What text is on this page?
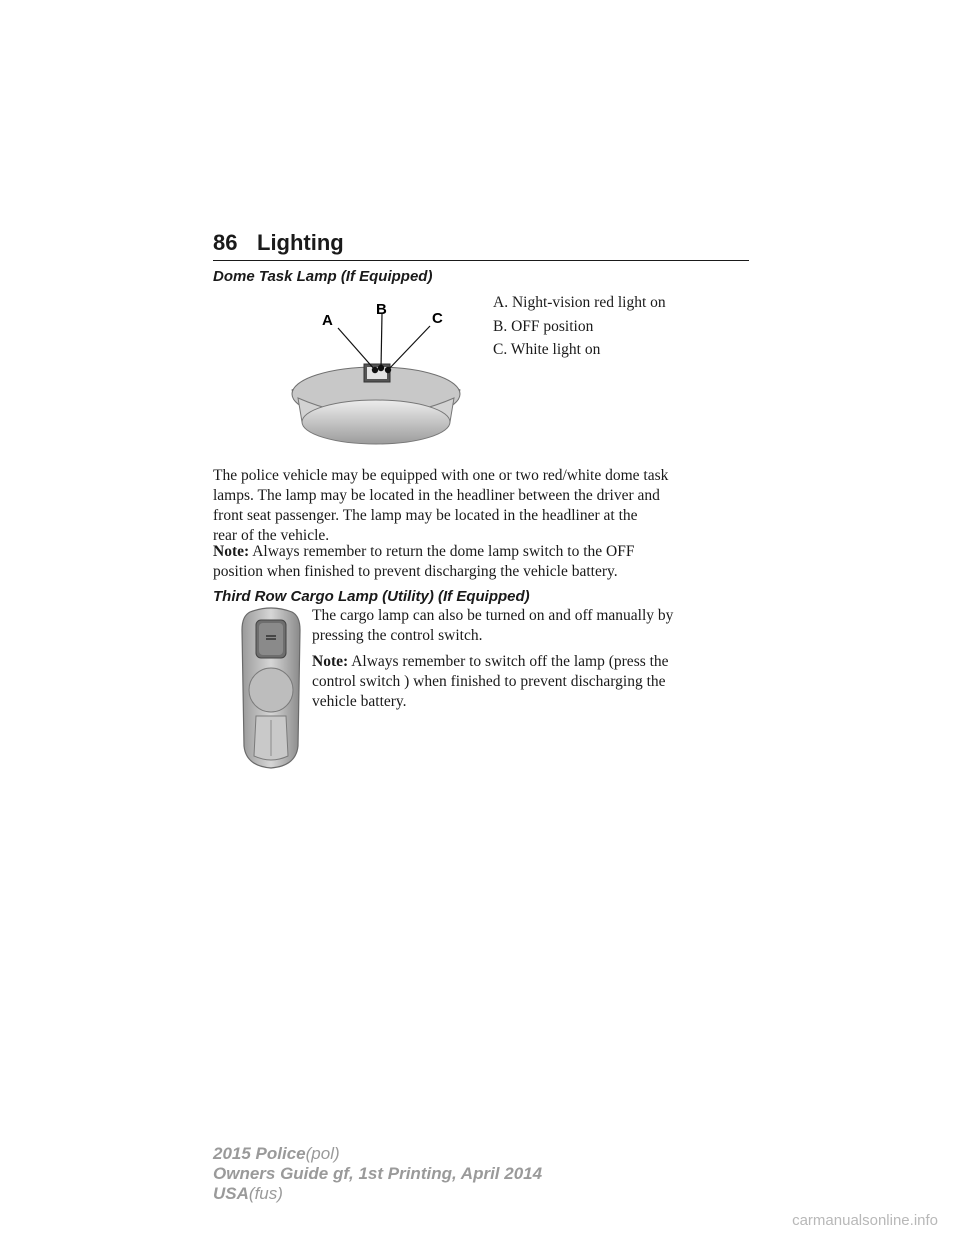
86 Lighting
Dome Task Lamp (If Equipped)
A
B
C
A. Night-vision red light on
B. OFF position
C. White light on
The police vehicle may be equipped with one or two red/white dome task
lamps. The lamp may be located in the headliner between the driver and
front seat passenger. The lamp may be located in the headliner at the
rear of the vehicle.
Note: Always remember to return the dome lamp switch to the OFF
position when finished to prevent discharging the vehicle battery.
Third Row Cargo Lamp (Utility) (If Equipped)
The cargo lamp can also be turned on and off manually by
pressing the control switch.
Note: Always remember to switch off the lamp (press the
control switch ) when finished to prevent discharging the
vehicle battery.
2015 Police(pol)
Owners Guide gf, 1st Printing, April 2014
USA(fus)
carmanualsonline.info
